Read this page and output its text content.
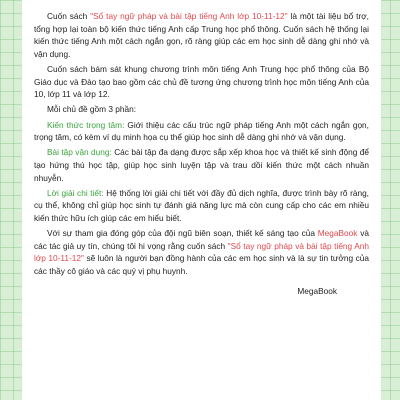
Cuốn sách "Sổ tay ngữ pháp và bài tập tiếng Anh lớp 10-11-12" là một tài liệu bổ trợ, tổng hợp lại toàn bộ kiến thức tiếng Anh cấp Trung học phổ thông. Cuốn sách hệ thống lại kiến thức tiếng Anh một cách ngắn gọn, rõ ràng giúp các em học sinh dễ dàng ghi nhớ và vận dụng.

Cuốn sách bám sát khung chương trình môn tiếng Anh Trung học phổ thông của Bộ Giáo dục và Đào tạo bao gồm các chủ đề tương ứng chương trình học môn tiếng Anh của 10, lớp 11 và lớp 12.

Mỗi chủ đề gồm 3 phần:

Kiến thức trọng tâm: Giới thiệu các cấu trúc ngữ pháp tiếng Anh một cách ngắn gọn, trọng tâm, có kèm ví dụ minh họa cụ thể giúp học sinh dễ dàng ghi nhớ và vận dụng.

Bài tập vận dụng: Các bài tập đa dạng được sắp xếp khoa học và thiết kế sinh động để tạo hứng thú học tập, giúp học sinh luyện tập và trau dồi kiến thức một cách nhuần nhuyễn.

Lời giải chi tiết: Hệ thống lời giải chi tiết với đầy đủ dịch nghĩa, được trình bày rõ ràng, cụ thể, không chỉ giúp học sinh tự đánh giá năng lực mà còn cung cấp cho các em nhiều kiến thức hữu ích giúp các em hiểu biết.

Với sự tham gia đóng góp của đội ngũ biên soạn, thiết kế sáng tạo của MegaBook và các tác giả uy tín, chúng tôi hi vọng rằng cuốn sách "Sổ tay ngữ pháp và bài tập tiếng Anh lớp 10-11-12" sẽ luôn là người bạn đồng hành của các em học sinh và là sự tin tưởng của các thầy cô giáo và các quý vị phụ huynh.

MegaBook
